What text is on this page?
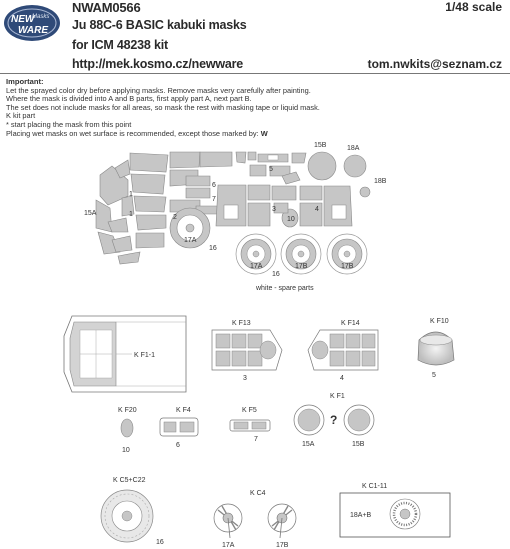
NEW
Masks
WARE
NWAM0566
Ju 88C-6 BASIC kabuki masks
for ICM 48238 kit
http://mek.kosmo.cz/newware
1/48 scale
tom.nwkits@seznam.cz
Important:
Let the sprayed color dry before applying masks. Remove masks very carefully after painting.
Where the mask is divided into A and B parts, first apply part A, next part B.
The set does not include masks for all areas, so mask the rest with masking tape or liquid mask.
K kit part
* start placing the mask from this point
Placing wet masks on wet surface is recommended, except those marked by: W
1
1	2
3	4
5
6
7
10
15A
15B
16
17A
17A	17B	17B
18A
18B
16
white - spare parts
K F1-1
K F13
3
K F14
4
K F10
5
K F20
10
K F4
6
K F5
7
K F1
?
15A	15B
K C5+C22
16
K C4
17A	17B
K C1-11
18A+B
